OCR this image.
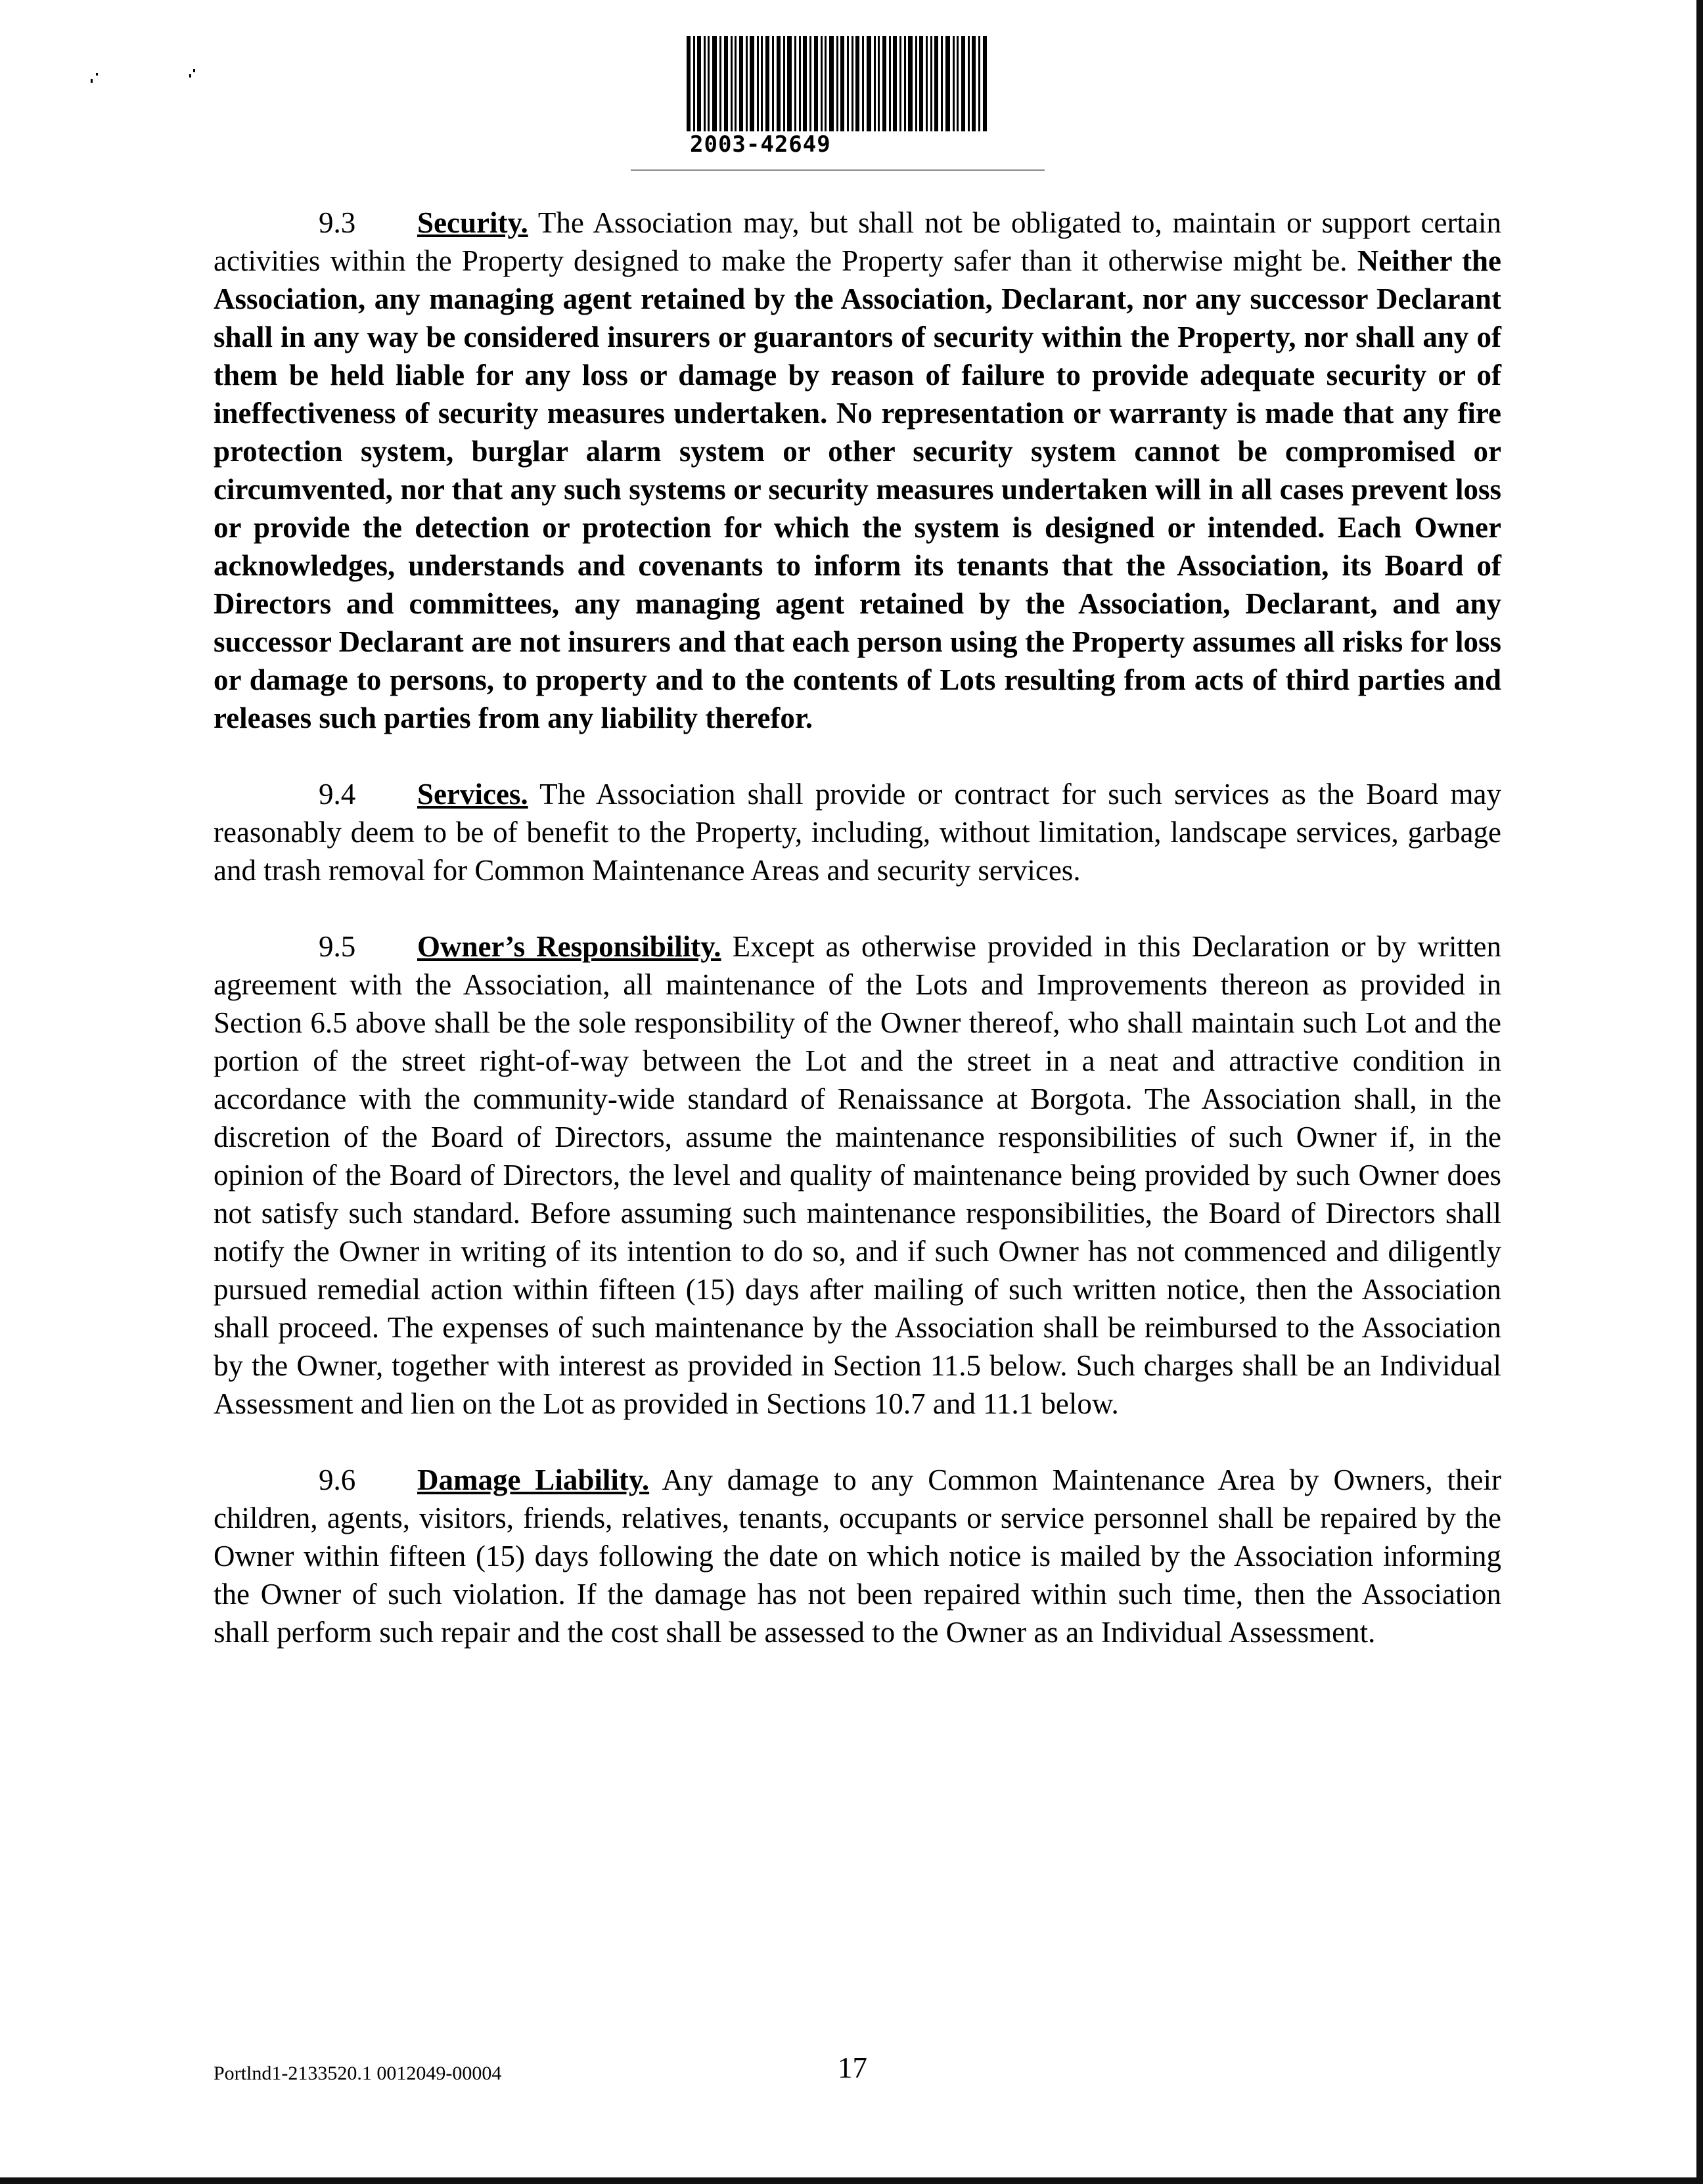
2003-42649

9.3 Security. The Association may, but shall not be obligated to, maintain or support certain activities within the Property designed to make the Property safer than it otherwise might be. Neither the Association, any managing agent retained by the Association, Declarant, nor any successor Declarant shall in any way be considered insurers or guarantors of security within the Property, nor shall any of them be held liable for any loss or damage by reason of failure to provide adequate security or of ineffectiveness of security measures undertaken. No representation or warranty is made that any fire protection system, burglar alarm system or other security system cannot be compromised or circumvented, nor that any such systems or security measures undertaken will in all cases prevent loss or provide the detection or protection for which the system is designed or intended. Each Owner acknowledges, understands and covenants to inform its tenants that the Association, its Board of Directors and committees, any managing agent retained by the Association, Declarant, and any successor Declarant are not insurers and that each person using the Property assumes all risks for loss or damage to persons, to property and to the contents of Lots resulting from acts of third parties and releases such parties from any liability therefor.

9.4 Services. The Association shall provide or contract for such services as the Board may reasonably deem to be of benefit to the Property, including, without limitation, landscape services, garbage and trash removal for Common Maintenance Areas and security services.

9.5 Owner’s Responsibility. Except as otherwise provided in this Declaration or by written agreement with the Association, all maintenance of the Lots and Improvements thereon as provided in Section 6.5 above shall be the sole responsibility of the Owner thereof, who shall maintain such Lot and the portion of the street right-of-way between the Lot and the street in a neat and attractive condition in accordance with the community-wide standard of Renaissance at Borgota. The Association shall, in the discretion of the Board of Directors, assume the maintenance responsibilities of such Owner if, in the opinion of the Board of Directors, the level and quality of maintenance being provided by such Owner does not satisfy such standard. Before assuming such maintenance responsibilities, the Board of Directors shall notify the Owner in writing of its intention to do so, and if such Owner has not commenced and diligently pursued remedial action within fifteen (15) days after mailing of such written notice, then the Association shall proceed. The expenses of such maintenance by the Association shall be reimbursed to the Association by the Owner, together with interest as provided in Section 11.5 below. Such charges shall be an Individual Assessment and lien on the Lot as provided in Sections 10.7 and 11.1 below.

9.6 Damage Liability. Any damage to any Common Maintenance Area by Owners, their children, agents, visitors, friends, relatives, tenants, occupants or service personnel shall be repaired by the Owner within fifteen (15) days following the date on which notice is mailed by the Association informing the Owner of such violation. If the damage has not been repaired within such time, then the Association shall perform such repair and the cost shall be assessed to the Owner as an Individual Assessment.

Portlnd1-2133520.1 0012049-00004	17
